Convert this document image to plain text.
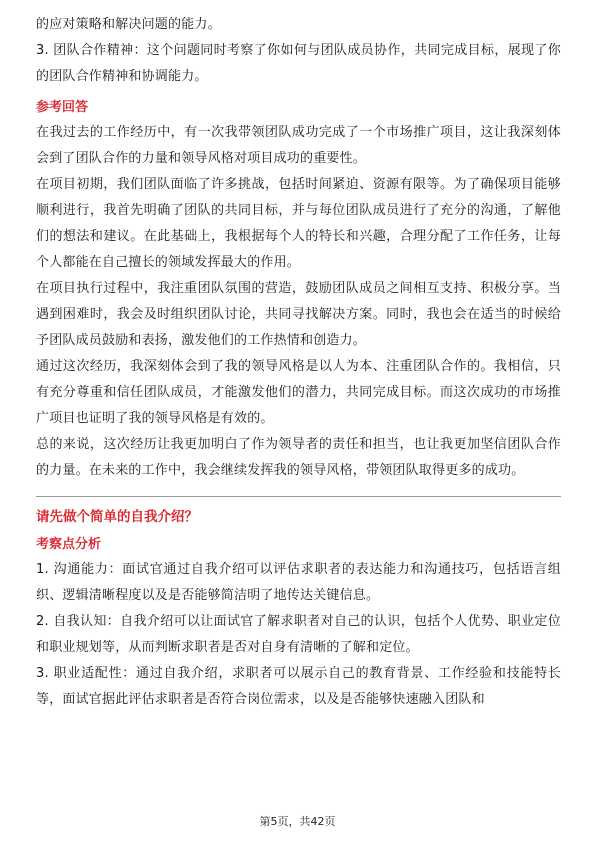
的应对策略和解决问题的能力。

3. 团队合作精神：这个问题同时考察了你如何与团队成员协作，共同完成目标，展现了你的团队合作精神和协调能力。

参考回答

在我过去的工作经历中，有一次我带领团队成功完成了一个市场推广项目，这让我深刻体会到了团队合作的力量和领导风格对项目成功的重要性。

在项目初期，我们团队面临了许多挑战，包括时间紧迫、资源有限等。为了确保项目能够顺利进行，我首先明确了团队的共同目标，并与每位团队成员进行了充分的沟通，了解他们的想法和建议。在此基础上，我根据每个人的特长和兴趣，合理分配了工作任务，让每个人都能在自己擅长的领域发挥最大的作用。

在项目执行过程中，我注重团队氛围的营造，鼓励团队成员之间相互支持、积极分享。当遇到困难时，我会及时组织团队讨论，共同寻找解决方案。同时，我也会在适当的时候给予团队成员鼓励和表扬，激发他们的工作热情和创造力。

通过这次经历，我深刻体会到了我的领导风格是以人为本、注重团队合作的。我相信，只有充分尊重和信任团队成员，才能激发他们的潜力，共同完成目标。而这次成功的市场推广项目也证明了我的领导风格是有效的。

总的来说，这次经历让我更加明白了作为领导者的责任和担当，也让我更加坚信团队合作的力量。在未来的工作中，我会继续发挥我的领导风格，带领团队取得更多的成功。

请先做个简单的自我介绍？

考察点分析

1. 沟通能力：面试官通过自我介绍可以评估求职者的表达能力和沟通技巧，包括语言组织、逻辑清晰程度以及是否能够简洁明了地传达关键信息。

2. 自我认知：自我介绍可以让面试官了解求职者对自己的认识，包括个人优势、职业定位和职业规划等，从而判断求职者是否对自身有清晰的了解和定位。

3. 职业适配性：通过自我介绍，求职者可以展示自己的教育背景、工作经验和技能特长等，面试官据此评估求职者是否符合岗位需求，以及是否能够快速融入团队和

第5页，共42页
